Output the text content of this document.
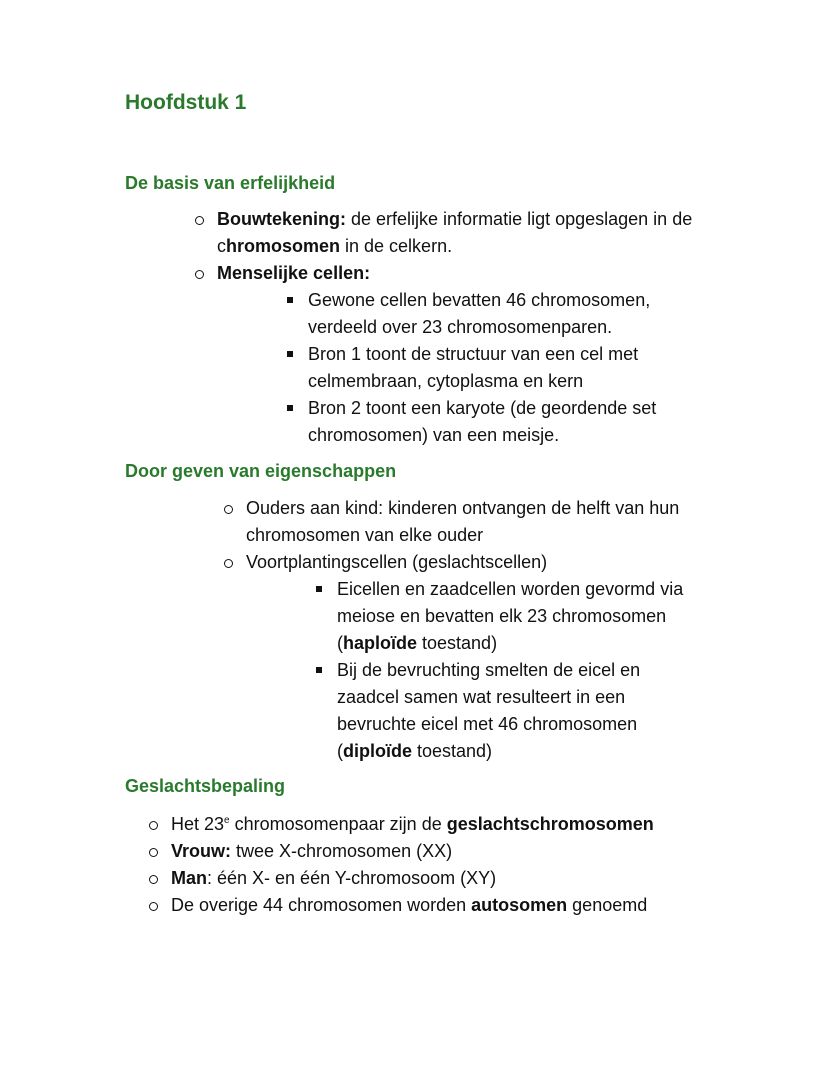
Hoofdstuk 1
De basis van erfelijkheid
Bouwtekening: de erfelijke informatie ligt opgeslagen in de chromosomen in de celkern.
Menselijke cellen:
Gewone cellen bevatten 46 chromosomen, verdeeld over 23 chromosomenparen.
Bron 1 toont de structuur van een cel met celmembraan, cytoplasma en kern
Bron 2 toont een karyote (de geordende set chromosomen) van een meisje.
Door geven van eigenschappen
Ouders aan kind: kinderen ontvangen de helft van hun chromosomen van elke ouder
Voortplantingscellen (geslachtscellen)
Eicellen en zaadcellen worden gevormd via meiose en bevatten elk 23 chromosomen (haploïde toestand)
Bij de bevruchting smelten de eicel en zaadcel samen wat resulteert in een bevruchte eicel met 46 chromosomen (diploïde toestand)
Geslachtsbepaling
Het 23e chromosomenpaar zijn de geslachtschromosomen
Vrouw: twee X-chromosomen (XX)
Man: één X- en één Y-chromosoom (XY)
De overige 44 chromosomen worden autosomen genoemd
